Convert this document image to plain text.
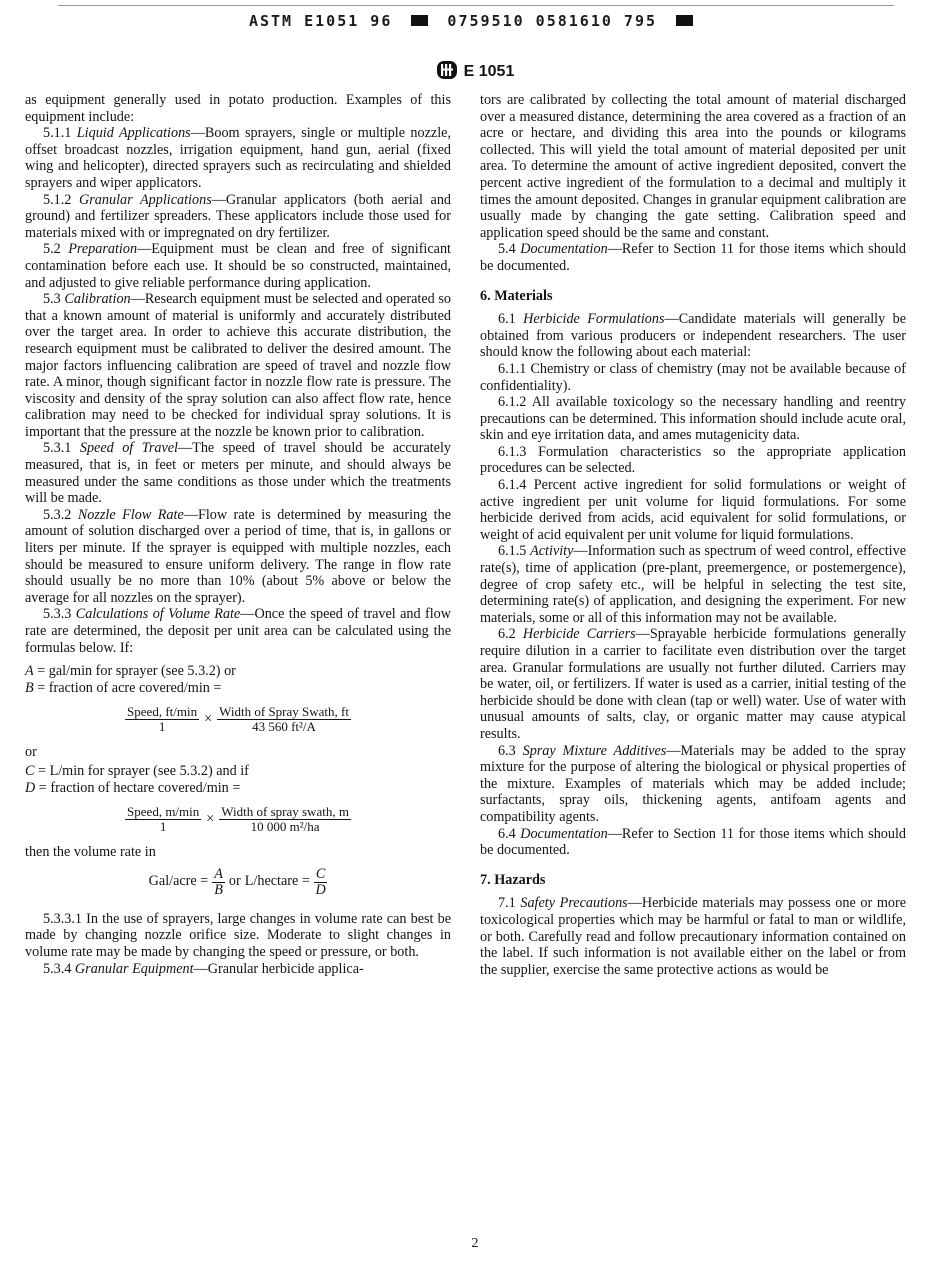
ASTM E1051 96	0759510 0581610 795
E 1051

as equipment generally used in potato production. Examples of this equipment include:

5.1.1 Liquid Applications—Boom sprayers, single or multiple nozzle, offset broadcast nozzles, irrigation equipment, hand gun, aerial (fixed wing and helicopter), directed sprayers such as recirculating and shielded sprayers and wiper applicators.

5.1.2 Granular Applications—Granular applicators (both aerial and ground) and fertilizer spreaders. These applicators include those used for materials mixed with or impregnated on dry fertilizer.

5.2 Preparation—Equipment must be clean and free of significant contamination before each use. It should be so constructed, maintained, and adjusted to give reliable performance during application.

5.3 Calibration—Research equipment must be selected and operated so that a known amount of material is uniformly and accurately distributed over the target area. In order to achieve this accurate distribution, the research equipment must be calibrated to deliver the desired amount. The major factors influencing calibration are speed of travel and nozzle flow rate. A minor, though significant factor in nozzle flow rate is pressure. The viscosity and density of the spray solution can also affect flow rate, hence calibration may need to be checked for individual spray solutions. It is important that the pressure at the nozzle be known prior to calibration.

5.3.1 Speed of Travel—The speed of travel should be accurately measured, that is, in feet or meters per minute, and should always be measured under the same conditions as those under which the treatments will be made.

5.3.2 Nozzle Flow Rate—Flow rate is determined by measuring the amount of solution discharged over a period of time, that is, in gallons or liters per minute. If the sprayer is equipped with multiple nozzles, each should be measured to ensure uniform delivery. The range in flow rate should usually be no more than 10% (about 5% above or below the average for all nozzles on the sprayer).

5.3.3 Calculations of Volume Rate—Once the speed of travel and flow rate are determined, the deposit per unit area can be calculated using the formulas below. If:

A = gal/min for sprayer (see 5.3.2) or

B = fraction of acre covered/min =

$\frac{\text{Speed, ft/min}}{1} \times \frac{\text{Width of Spray Swath, ft}}{\text{43 560 ft²/A}}$

or

C = L/min for sprayer (see 5.3.2) and if

D = fraction of hectare covered/min =

$\frac{\text{Speed, m/min}}{1} \times \frac{\text{Width of spray swath, m}}{\text{10 000 m²/ha}}$

then the volume rate in

Gal/acre = $\frac{A}{B}$ or L/hectare = $\frac{C}{D}$

5.3.3.1 In the use of sprayers, large changes in volume rate can best be made by changing nozzle orifice size. Moderate to slight changes in volume rate may be made by changing the speed or pressure, or both.

5.3.4 Granular Equipment—Granular herbicide applica-

tors are calibrated by collecting the total amount of material discharged over a measured distance, determining the area covered as a fraction of an acre or hectare, and dividing this area into the pounds or kilograms collected. This will yield the total amount of material deposited per unit area. To determine the amount of active ingredient deposited, convert the percent active ingredient of the formulation to a decimal and multiply it times the amount deposited. Changes in granular equipment calibration are usually made by changing the gate setting. Calibration speed and application speed should be the same and constant.

5.4 Documentation—Refer to Section 11 for those items which should be documented.

6. Materials

6.1 Herbicide Formulations—Candidate materials will generally be obtained from various producers or independent researchers. The user should know the following about each material:

6.1.1 Chemistry or class of chemistry (may not be available because of confidentiality).

6.1.2 All available toxicology so the necessary handling and reentry precautions can be determined. This information should include acute oral, skin and eye irritation data, and ames mutagenicity data.

6.1.3 Formulation characteristics so the appropriate application procedures can be selected.

6.1.4 Percent active ingredient for solid formulations or weight of active ingredient per unit volume for liquid formulations. For some herbicide derived from acids, acid equivalent for solid formulations, or weight of acid equivalent per unit volume for liquid formulations.

6.1.5 Activity—Information such as spectrum of weed control, effective rate(s), time of application (pre-plant, preemergence, or postemergence), degree of crop safety etc., will be helpful in selecting the test site, determining rate(s) of application, and designing the experiment. For new materials, some or all of this information may not be available.

6.2 Herbicide Carriers—Sprayable herbicide formulations generally require dilution in a carrier to facilitate even distribution over the target area. Granular formulations are usually not further diluted. Carriers may be water, oil, or fertilizers. If water is used as a carrier, initial testing of the herbicide should be done with clean (tap or well) water. Use of water with unusual amounts of salts, clay, or organic matter may cause atypical results.

6.3 Spray Mixture Additives—Materials may be added to the spray mixture for the purpose of altering the biological or physical properties of the mixture. Examples of materials which may be added include; surfactants, spray oils, thickening agents, antifoam agents and compatibility agents.

6.4 Documentation—Refer to Section 11 for those items which should be documented.

7. Hazards

7.1 Safety Precautions—Herbicide materials may possess one or more toxicological properties which may be harmful or fatal to man or wildlife, or both. Carefully read and follow precautionary information contained on the label. If such information is not available either on the label or from the supplier, exercise the same protective actions as would be

2
